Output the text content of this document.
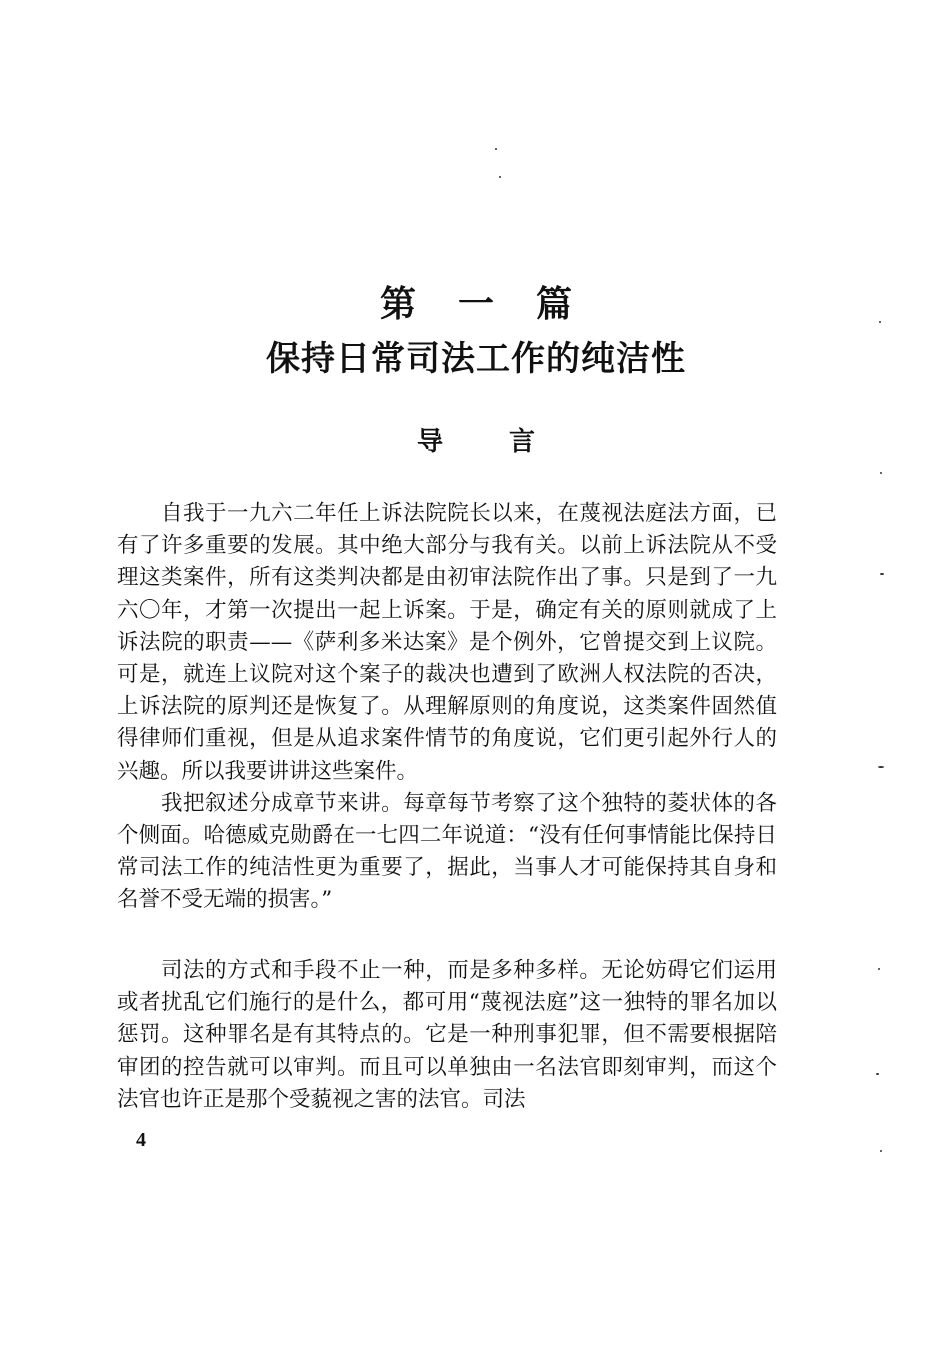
第一篇
保持日常司法工作的纯洁性
导言

自我于一九六二年任上诉法院院长以来，在蔑视法庭法方面，已有了许多重要的发展。其中绝大部分与我有关。以前上诉法院从不受理这类案件，所有这类判决都是由初审法院作出了事。只是到了一九六〇年，才第一次提出一起上诉案。于是，确定有关的原则就成了上诉法院的职责——《萨利多米达案》是个例外，它曾提交到上议院。可是，就连上议院对这个案子的裁决也遭到了欧洲人权法院的否决，上诉法院的原判还是恢复了。从理解原则的角度说，这类案件固然值得律师们重视，但是从追求案件情节的角度说，它们更引起外行人的兴趣。所以我要讲讲这些案件。

我把叙述分成章节来讲。每章每节考察了这个独特的菱状体的各个侧面。哈德威克勋爵在一七四二年说道：“没有任何事情能比保持日常司法工作的纯洁性更为重要了，据此，当事人才可能保持其自身和名誉不受无端的损害。”

司法的方式和手段不止一种，而是多种多样。无论妨碍它们运用或者扰乱它们施行的是什么，都可用“蔑视法庭”这一独特的罪名加以惩罚。这种罪名是有其特点的。它是一种刑事犯罪，但不需要根据陪审团的控告就可以审判。而且可以单独由一名法官即刻审判，而这个法官也许正是那个受藐视之害的法官。司法

4
